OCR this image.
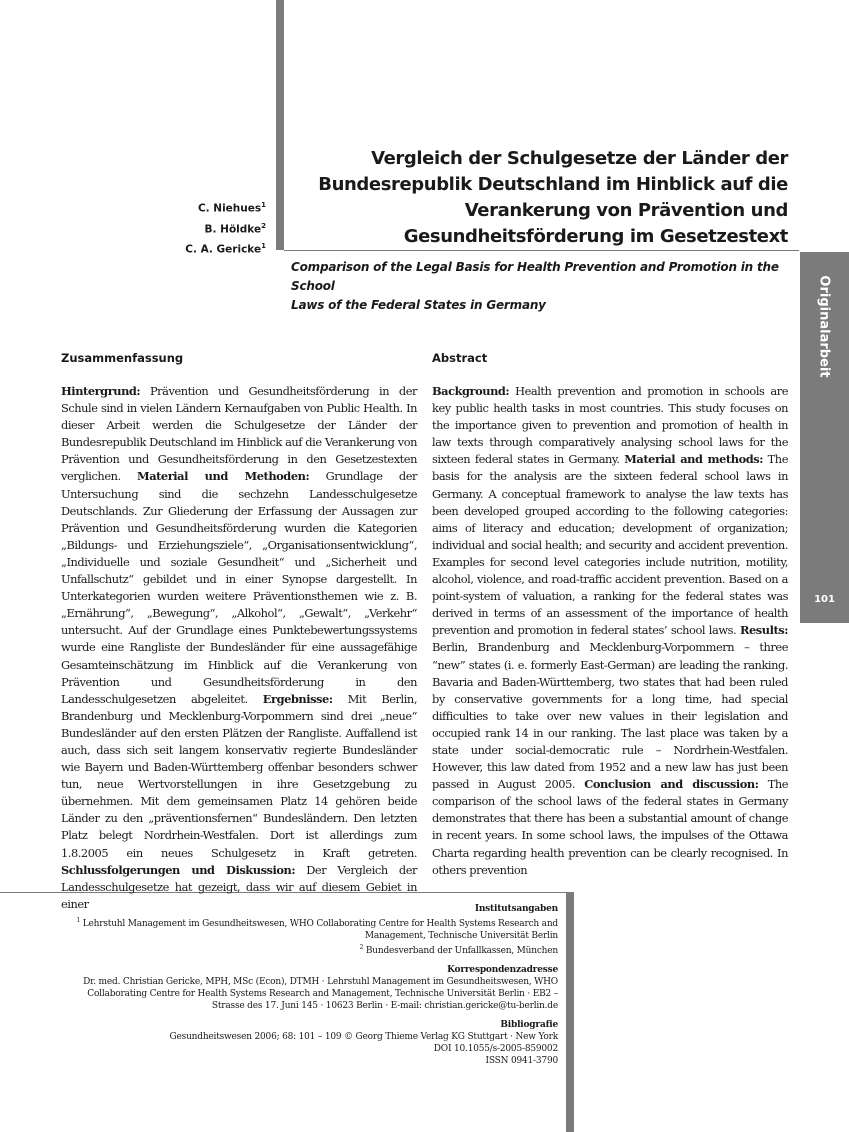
Originalarbeit
101
C. Niehues$^1$
B. Höldke$^2$
C. A. Gericke$^1$
Vergleich der Schulgesetze der Länder der
Bundesrepublik Deutschland im Hinblick auf die
Verankerung von Prävention und
Gesundheitsförderung im Gesetzestext
Comparison of the Legal Basis for Health Prevention and Promotion in the School
Laws of the Federal States in Germany
Zusammenfassung

Hintergrund: Prävention und Gesundheitsförderung in der Schule sind in vielen Ländern Kernaufgaben von Public Health. In dieser Arbeit werden die Schulgesetze der Länder der Bundesrepublik Deutschland im Hinblick auf die Verankerung von Prävention und Gesundheitsförderung in den Gesetzestexten verglichen. Material und Methoden: Grundlage der Untersuchung sind die sechzehn Landesschulgesetze Deutschlands. Zur Gliederung der Erfassung der Aussagen zur Prävention und Gesundheitsförderung wurden die Kategorien „Bildungs- und Erziehungsziele“, „Organisationsentwicklung“, „Individuelle und soziale Gesundheit“ und „Sicherheit und Unfallschutz“ gebildet und in einer Synopse dargestellt. In Unterkategorien wurden weitere Präventionsthemen wie z. B. „Ernährung“, „Bewegung“, „Alkohol“, „Gewalt“, „Verkehr“ untersucht. Auf der Grundlage eines Punktebewertungssystems wurde eine Rangliste der Bundesländer für eine aussagefähige Gesamteinschätzung im Hinblick auf die Verankerung von Prävention und Gesundheitsförderung in den Landesschulgesetzen abgeleitet. Ergebnisse: Mit Berlin, Brandenburg und Mecklenburg-Vorpommern sind drei „neue“ Bundesländer auf den ersten Plätzen der Rangliste. Auffallend ist auch, dass sich seit langem konservativ regierte Bundesländer wie Bayern und Baden-Württemberg offenbar besonders schwer tun, neue Wertvorstellungen in ihre Gesetzgebung zu übernehmen. Mit dem gemeinsamen Platz 14 gehören beide Länder zu den „präventionsfernen“ Bundesländern. Den letzten Platz belegt Nordrhein-Westfalen. Dort ist allerdings zum 1.8.2005 ein neues Schulgesetz in Kraft getreten. Schlussfolgerungen und Diskussion: Der Vergleich der Landesschulgesetze hat gezeigt, dass wir auf diesem Gebiet in einer

Abstract

Background: Health prevention and promotion in schools are key public health tasks in most countries. This study focuses on the importance given to prevention and promotion of health in law texts through comparatively analysing school laws for the sixteen federal states in Germany. Material and methods: The basis for the analysis are the sixteen federal school laws in Germany. A conceptual framework to analyse the law texts has been developed grouped according to the following categories: aims of literacy and education; development of organization; individual and social health; and security and accident prevention. Examples for second level categories include nutrition, motility, alcohol, violence, and road-traffic accident prevention. Based on a point-system of valuation, a ranking for the federal states was derived in terms of an assessment of the importance of health prevention and promotion in federal states’ school laws. Results: Berlin, Brandenburg and Mecklenburg-Vorpommern – three “new” states (i. e. formerly East-German) are leading the ranking. Bavaria and Baden-Württemberg, two states that had been ruled by conservative governments for a long time, had special difficulties to take over new values in their legislation and occupied rank 14 in our ranking. The last place was taken by a state under social-democratic rule – Nordrhein-Westfalen. However, this law dated from 1952 and a new law has just been passed in August 2005. Conclusion and discussion: The comparison of the school laws of the federal states in Germany demonstrates that there has been a substantial amount of change in recent years. In some school laws, the impulses of the Ottawa Charta regarding health prevention can be clearly recognised. In others prevention

Institutsangaben
$^1$ Lehrstuhl Management im Gesundheitswesen, WHO Collaborating Centre for Health Systems Research and
Management, Technische Universität Berlin
$^2$ Bundesverband der Unfallkassen, München
Korrespondenzadresse
Dr. med. Christian Gericke, MPH, MSc (Econ), DTMH · Lehrstuhl Management im Gesundheitswesen, WHO
Collaborating Centre for Health Systems Research and Management, Technische Universität Berlin · EB2 –
Strasse des 17. Juni 145 · 10623 Berlin · E-mail: christian.gericke@tu-berlin.de
Bibliografie
Gesundheitswesen 2006; 68: 101 – 109 © Georg Thieme Verlag KG Stuttgart · New York
DOI 10.1055/s-2005-859002
ISSN 0941-3790
